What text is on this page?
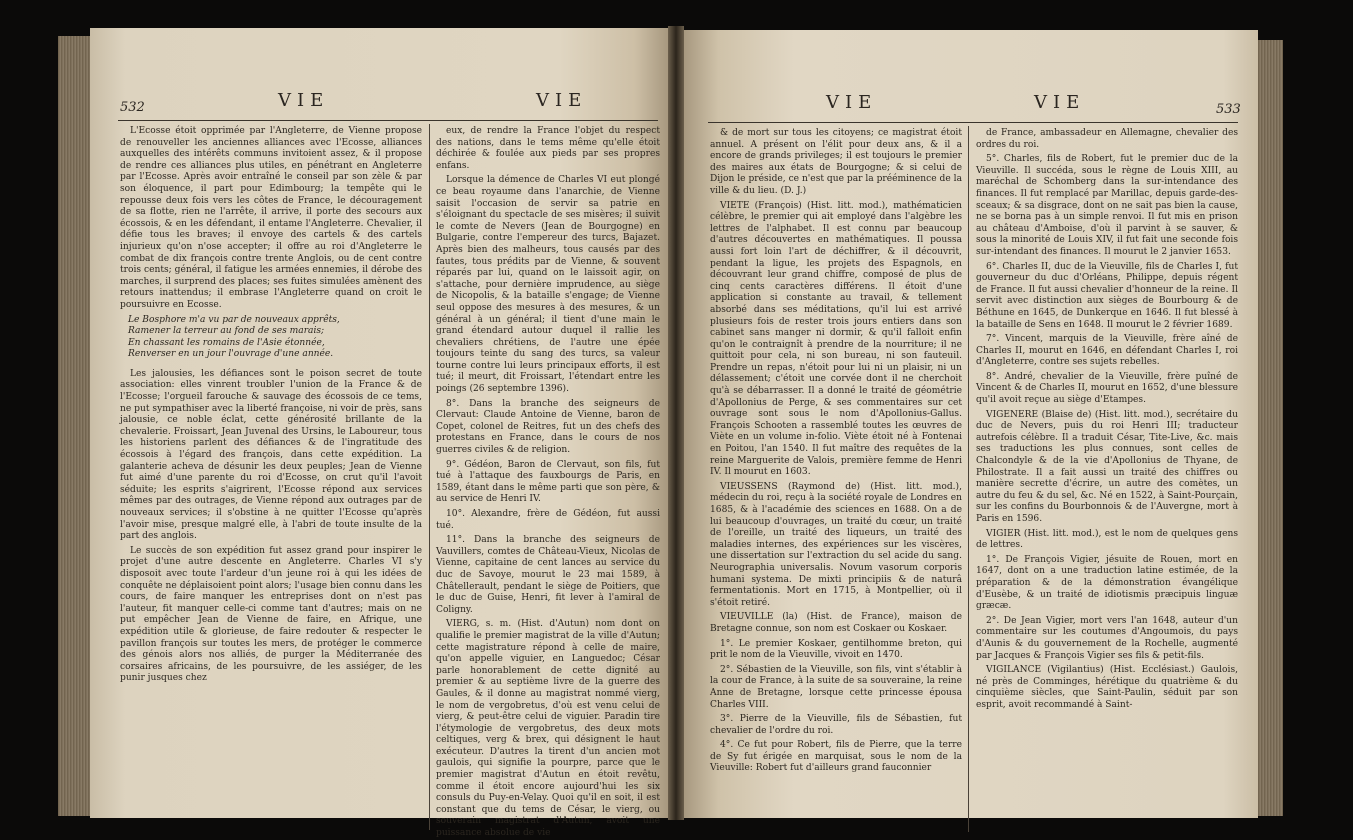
532	VIE	VIE

L'Ecosse étoit opprimée par l'Angleterre, de Vienne propose de renouveller les anciennes alliances avec l'Ecosse, alliances auxquelles des intérêts communs invitoient assez, & il propose de rendre ces alliances plus utiles, en pénétrant en Angleterre par l'Ecosse. Après avoir entraîné le conseil par son zèle & par son éloquence, il part pour Edimbourg; la tempête qui le repousse deux fois vers les côtes de France, le découragement de sa flotte, rien ne l'arrête, il arrive, il porte des secours aux écossois, & en les défendant, il entame l'Angleterre. Chevalier, il défie tous les braves; il envoye des cartels & des cartels injurieux qu'on n'ose accepter; il offre au roi d'Angleterre le combat de dix françois contre trente Anglois, ou de cent contre trois cents; général, il fatigue les armées ennemies, il dérobe des marches, il surprend des places; ses fuites simulées amènent des retours inattendus; il embrase l'Angleterre quand on croit le poursuivre en Ecosse.

Le Bosphore m'a vu par de nouveaux apprêts,

Ramener la terreur au fond de ses marais;

En chassant les romains de l'Asie étonnée,

Renverser en un jour l'ouvrage d'une année.

Les jalousies, les défiances sont le poison secret de toute association: elles vinrent troubler l'union de la France & de l'Ecosse; l'orgueil farouche & sauvage des écossois de ce tems, ne put sympathiser avec la liberté françoise, ni voir de près, sans jalousie, ce noble éclat, cette générosité brillante de la chevalerie. Froissart, Jean Juvenal des Ursins, le Laboureur, tous les historiens parlent des défiances & de l'ingratitude des écossois à l'égard des françois, dans cette expédition. La galanterie acheva de désunir les deux peuples; Jean de Vienne fut aimé d'une parente du roi d'Ecosse, on crut qu'il l'avoit séduite; les esprits s'aigrirent, l'Ecosse répond aux services mêmes par des outrages, de Vienne répond aux outrages par de nouveaux services; il s'obstine à ne quitter l'Ecosse qu'après l'avoir mise, presque malgré elle, à l'abri de toute insulte de la part des anglois.

Le succès de son expédition fut assez grand pour inspirer le projet d'une autre descente en Angleterre. Charles VI s'y disposoit avec toute l'ardeur d'un jeune roi à qui les idées de conquête ne déplaisoient point alors; l'usage bien connu dans les cours, de faire manquer les entreprises dont on n'est pas l'auteur, fit manquer celle-ci comme tant d'autres; mais on ne put empêcher Jean de Vienne de faire, en Afrique, une expédition utile & glorieuse, de faire redouter & respecter le pavillon françois sur toutes les mers, de protéger le commerce des génois alors nos alliés, de purger la Méditerranée des corsaires africains, de les poursuivre, de les assiéger, de les punir jusques chez

eux, de rendre la France l'objet du respect des nations, dans le tems même qu'elle étoit déchirée & foulée aux pieds par ses propres enfans.

Lorsque la démence de Charles VI eut plongé ce beau royaume dans l'anarchie, de Vienne saisit l'occasion de servir sa patrie en s'éloignant du spectacle de ses misères; il suivit le comte de Nevers (Jean de Bourgogne) en Bulgarie, contre l'empereur des turcs, Bajazet. Après bien des malheurs, tous causés par des fautes, tous prédits par de Vienne, & souvent réparés par lui, quand on le laissoit agir, on s'attache, pour dernière imprudence, au siège de Nicopolis, & la bataille s'engage; de Vienne seul oppose des mesures à des mesures, & un général à un général; il tient d'une main le grand étendard autour duquel il rallie les chevaliers chrétiens, de l'autre une épée toujours teinte du sang des turcs, sa valeur tourne contre lui leurs principaux efforts, il est tué; il meurt, dit Froissart, l'étendart entre les poings (26 septembre 1396).

8°. Dans la branche des seigneurs de Clervaut: Claude Antoine de Vienne, baron de Copet, colonel de Reitres, fut un des chefs des protestans en France, dans le cours de nos guerres civiles & de religion.

9°. Gédéon, Baron de Clervaut, son fils, fut tué à l'attaque des fauxbourgs de Paris, en 1589, étant dans le même parti que son père, & au service de Henri IV.

10°. Alexandre, frère de Gédéon, fut aussi tué.

11°. Dans la branche des seigneurs de Vauvillers, comtes de Château-Vieux, Nicolas de Vienne, capitaine de cent lances au service du duc de Savoye, mourut le 23 mai 1589, à Châtellerault, pendant le siège de Poitiers, que le duc de Guise, Henri, fit lever à l'amiral de Coligny.

VIERG, s. m. (Hist. d'Autun) nom dont on qualifie le premier magistrat de la ville d'Autun; cette magistrature répond à celle de maire, qu'on appelle viguier, en Languedoc; César parle honorablement de cette dignité au premier & au septième livre de la guerre des Gaules, & il donne au magistrat nommé vierg, le nom de vergobretus, d'où est venu celui de vierg, & peut-être celui de viguier. Paradin tire l'étymologie de vergobretus, des deux mots celtiques, verg & brex, qui désignent le haut exécuteur. D'autres la tirent d'un ancien mot gaulois, qui signifie la pourpre, parce que le premier magistrat d'Autun en étoit revêtu, comme il étoit encore aujourd'hui les six consuls du Puy-en-Velay. Quoi qu'il en soit, il est constant que du tems de César, le vierg, ou souverain magistrat d'Autun, avoit une puissance absolue de vie

VIE	VIE	533

& de mort sur tous les citoyens; ce magistrat étoit annuel. A présent on l'élit pour deux ans, & il a encore de grands privileges; il est toujours le premier des maires aux états de Bourgogne; & si celui de Dijon le préside, ce n'est que par la prééminence de la ville & du lieu. (D. J.)

VIETE (François) (Hist. litt. mod.), mathématicien célèbre, le premier qui ait employé dans l'algèbre les lettres de l'alphabet. Il est connu par beaucoup d'autres découvertes en mathématiques. Il poussa aussi fort loin l'art de déchiffrer, & il découvrit, pendant la ligue, les projets des Espagnols, en découvrant leur grand chiffre, composé de plus de cinq cents caractères différens. Il étoit d'une application si constante au travail, & tellement absorbé dans ses méditations, qu'il lui est arrivé plusieurs fois de rester trois jours entiers dans son cabinet sans manger ni dormir, & qu'il falloit enfin qu'on le contraignît à prendre de la nourriture; il ne quittoit pour cela, ni son bureau, ni son fauteuil. Prendre un repas, n'étoit pour lui ni un plaisir, ni un délassement; c'étoit une corvée dont il ne cherchoit qu'à se débarrasser. Il a donné le traité de géométrie d'Apollonius de Perge, & ses commentaires sur cet ouvrage sont sous le nom d'Apollonius-Gallus. François Schooten a rassemblé toutes les œuvres de Viète en un volume in-folio. Viète étoit né à Fontenai en Poitou, l'an 1540. Il fut maître des requêtes de la reine Marguerite de Valois, première femme de Henri IV. Il mourut en 1603.

VIEUSSENS (Raymond de) (Hist. litt. mod.), médecin du roi, reçu à la société royale de Londres en 1685, & à l'académie des sciences en 1688. On a de lui beaucoup d'ouvrages, un traité du cœur, un traité de l'oreille, un traité des liqueurs, un traité des maladies internes, des expériences sur les viscères, une dissertation sur l'extraction du sel acide du sang. Neurographia universalis. Novum vasorum corporis humani systema. De mixti principiis & de naturâ fermentationis. Mort en 1715, à Montpellier, où il s'étoit retiré.

VIEUVILLE (la) (Hist. de France), maison de Bretagne connue, son nom est Coskaer ou Koskaer.

1°. Le premier Koskaer, gentilhomme breton, qui prit le nom de la Vieuville, vivoit en 1470.

2°. Sébastien de la Vieuville, son fils, vint s'établir à la cour de France, à la suite de sa souveraine, la reine Anne de Bretagne, lorsque cette princesse épousa Charles VIII.

3°. Pierre de la Vieuville, fils de Sébastien, fut chevalier de l'ordre du roi.

4°. Ce fut pour Robert, fils de Pierre, que la terre de Sy fut érigée en marquisat, sous le nom de la Vieuville: Robert fut d'ailleurs grand fauconnier

de France, ambassadeur en Allemagne, chevalier des ordres du roi.

5°. Charles, fils de Robert, fut le premier duc de la Vieuville. Il succéda, sous le règne de Louis XIII, au maréchal de Schomberg dans la sur-intendance des finances. Il fut remplacé par Marillac, depuis garde-des-sceaux; & sa disgrace, dont on ne sait pas bien la cause, ne se borna pas à un simple renvoi. Il fut mis en prison au château d'Amboise, d'où il parvint à se sauver, & sous la minorité de Louis XIV, il fut fait une seconde fois sur-intendant des finances. Il mourut le 2 janvier 1653.

6°. Charles II, duc de la Vieuville, fils de Charles I, fut gouverneur du duc d'Orléans, Philippe, depuis régent de France. Il fut aussi chevalier d'honneur de la reine. Il servit avec distinction aux sièges de Bourbourg & de Béthune en 1645, de Dunkerque en 1646. Il fut blessé à la bataille de Sens en 1648. Il mourut le 2 février 1689.

7°. Vincent, marquis de la Vieuville, frère aîné de Charles II, mourut en 1646, en défendant Charles I, roi d'Angleterre, contre ses sujets rebelles.

8°. André, chevalier de la Vieuville, frère puîné de Vincent & de Charles II, mourut en 1652, d'une blessure qu'il avoit reçue au siège d'Etampes.

VIGENERE (Blaise de) (Hist. litt. mod.), secrétaire du duc de Nevers, puis du roi Henri III; traducteur autrefois célèbre. Il a traduit César, Tite-Live, &c. mais ses traductions les plus connues, sont celles de Chalcondyle & de la vie d'Apollonius de Thyane, de Philostrate. Il a fait aussi un traité des chiffres ou manière secrette d'écrire, un autre des comètes, un autre du feu & du sel, &c. Né en 1522, à Saint-Pourçain, sur les confins du Bourbonnois & de l'Auvergne, mort à Paris en 1596.

VIGIER (Hist. litt. mod.), est le nom de quelques gens de lettres.

1°. De François Vigier, jésuite de Rouen, mort en 1647, dont on a une traduction latine estimée, de la préparation & de la démonstration évangélique d'Eusèbe, & un traité de idiotismis præcipuis linguæ græcæ.

2°. De Jean Vigier, mort vers l'an 1648, auteur d'un commentaire sur les coutumes d'Angoumois, du pays d'Aunis & du gouvernement de la Rochelle, augmenté par Jacques & François Vigier ses fils & petit-fils.

VIGILANCE (Vigilantius) (Hist. Ecclésiast.) Gaulois, né près de Comminges, hérétique du quatrième & du cinquième siècles, que Saint-Paulin, séduit par son esprit, avoit recommandé à Saint-
